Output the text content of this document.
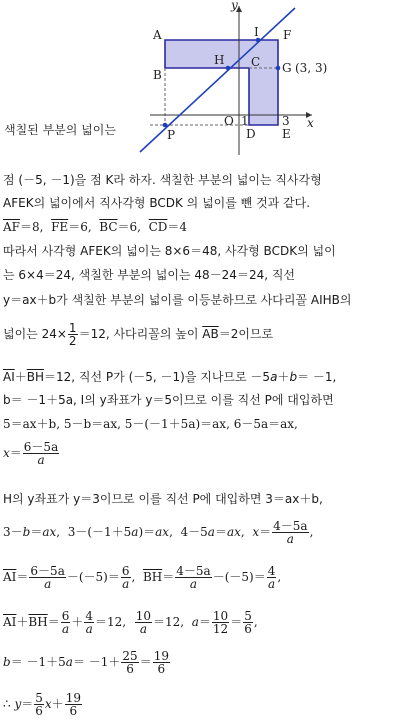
y
x
A
B
C
D E
F
G (3, 3)
H
I
O
P
1	3
색칠된 부분의 넓이는
점 (－5, －1)을 점 K라 하자. 색칠한 부분의 넓이는 직사각형
AFEK의 넓이에서 직사각형 BCDK 의 넓이를 뺀 것과 같다.
$\overline{AF}=8$,  $\overline{FE}=6$,  $\overline{BC}=6$,  $\overline{CD}=4$
따라서 사각형 AFEK의 넓이는 8×6＝48, 사각형 BCDK의 넓이
는 6×4＝24, 색칠한 부분의 넓이는 48－24＝24, 직선
y＝ax＋b가 색칠한 부분의 넓이를 이등분하므로 사다리꼴 AIHB의
넓이는 $24\times \frac{1}{2} =12$, 사다리꼴의 높이 $\overline{AB}=2$이므로
$\overline{AI}+\overline{BH}=12$, 직선 P가 (－5, －1)을 지나므로 －5a＋b＝ －1,
b＝ －1＋5a, I의 y좌표가 y＝5이므로 이를 직선 P에 대입하면
5＝ax＋b, 5－b＝ax, 5－(－1＋5a)＝ax, 6－5a＝ax,
$x= \frac{6-5a}{a}$
H의 y좌표가 y＝3이므로 이를 직선 P에 대입하면 3＝ax＋b,
3－b＝ax,  3－(－1＋5a)＝ax,  4－5a＝ax,  $x= \frac{4-5a}{a}$ ,
$\overline{AI}= \frac{6-5a}{a} -(-5)= \frac{6}{a}$ ,  $\overline{BH}= \frac{4-5a}{a} -(-5)= \frac{4}{a}$ ,
$\overline{AI}+\overline{BH}= \frac{6}{a} + \frac{4}{a} =12$, $\frac{10}{a} =12$,  $a= \frac{10}{12} = \frac{5}{6}$ ,
$b= -1+5a= -1+ \frac{25}{6} = \frac{19}{6}$
∴ $y= \frac{5}{6} x+ \frac{19}{6}$
